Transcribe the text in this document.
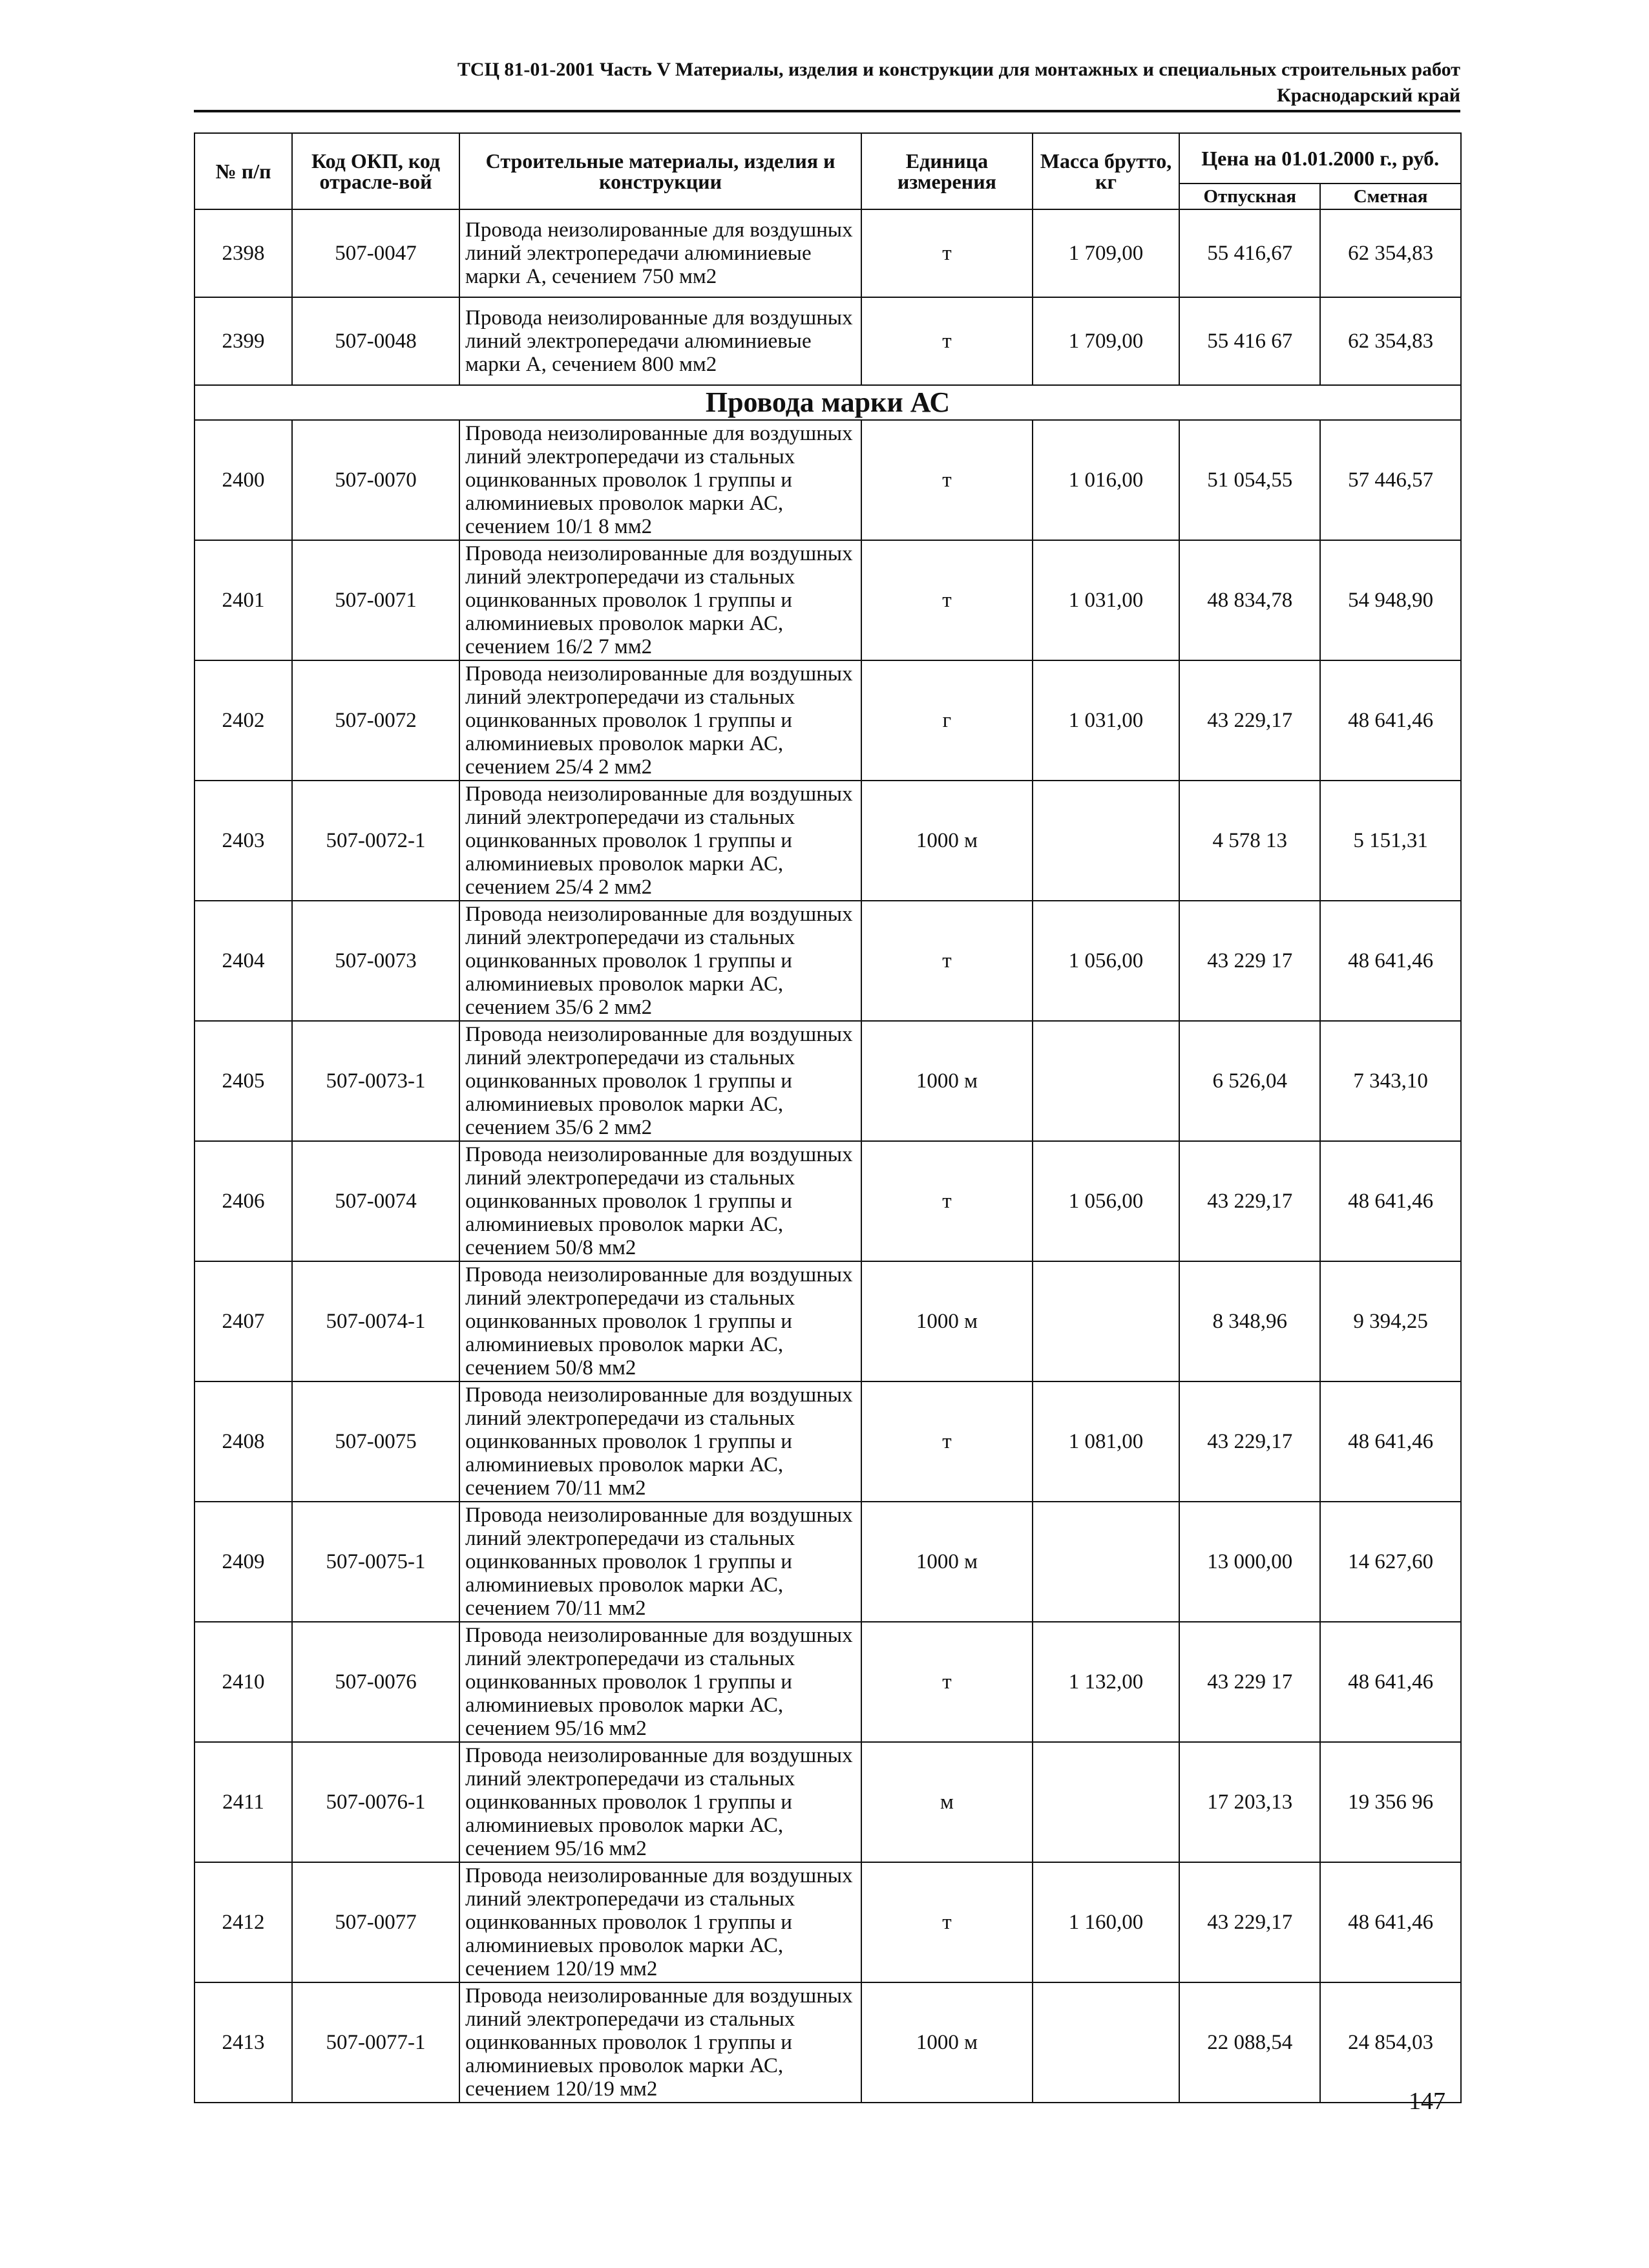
ТСЦ 81-01-2001 Часть V Материалы, изделия и конструкции для монтажных и специальных строительных работ
Краснодарский край
№ п/п	Код ОКП, код отрасле-вой	Строительные материалы, изделия и конструкции	Единица измерения	Масса брутто, кг	Цена на 01.01.2000 г., руб.	
					Отпускная	Сметная
2398	507-0047	Провода неизолированные для воздушных линий электропередачи алюминиевые марки А, сечением 750 мм2	т	1 709,00	55 416,67	62 354,83
2399	507-0048	Провода неизолированные для воздушных линий электропередачи алюминиевые марки А, сечением 800 мм2	т	1 709,00	55 416 67	62 354,83
Провода марки АС						
2400	507-0070	Провода неизолированные для воздушных линий электропередачи из стальных оцинкованных проволок 1 группы и алюминиевых проволок марки АС, сечением 10/1 8 мм2	т	1 016,00	51 054,55	57 446,57
2401	507-0071	Провода неизолированные для воздушных линий электропередачи из стальных оцинкованных проволок 1 группы и алюминиевых проволок марки АС, сечением 16/2 7 мм2	т	1 031,00	48 834,78	54 948,90
2402	507-0072	Провода неизолированные для воздушных линий электропередачи из стальных оцинкованных проволок 1 группы и алюминиевых проволок марки АС, сечением 25/4 2 мм2	г	1 031,00	43 229,17	48 641,46
2403	507-0072-1	Провода неизолированные для воздушных линий электропередачи из стальных оцинкованных проволок 1 группы и алюминиевых проволок марки АС, сечением 25/4 2 мм2	1000 м		4 578 13	5 151,31
2404	507-0073	Провода неизолированные для воздушных линий электропередачи из стальных оцинкованных проволок 1 группы и алюминиевых проволок марки АС, сечением 35/6 2 мм2	т	1 056,00	43 229 17	48 641,46
2405	507-0073-1	Провода неизолированные для воздушных линий электропередачи из стальных оцинкованных проволок 1 группы и алюминиевых проволок марки АС, сечением 35/6 2 мм2	1000 м		6 526,04	7 343,10
2406	507-0074	Провода неизолированные для воздушных линий электропередачи из стальных оцинкованных проволок 1 группы и алюминиевых проволок марки АС, сечением 50/8 мм2	т	1 056,00	43 229,17	48 641,46
2407	507-0074-1	Провода неизолированные для воздушных линий электропередачи из стальных оцинкованных проволок 1 группы и алюминиевых проволок марки АС, сечением 50/8 мм2	1000 м		8 348,96	9 394,25
2408	507-0075	Провода неизолированные для воздушных линий электропередачи из стальных оцинкованных проволок 1 группы и алюминиевых проволок марки АС, сечением 70/11 мм2	т	1 081,00	43 229,17	48 641,46
2409	507-0075-1	Провода неизолированные для воздушных линий электропередачи из стальных оцинкованных проволок 1 группы и алюминиевых проволок марки АС, сечением 70/11 мм2	1000 м		13 000,00	14 627,60
2410	507-0076	Провода неизолированные для воздушных линий электропередачи из стальных оцинкованных проволок 1 группы и алюминиевых проволок марки АС, сечением 95/16 мм2	т	1 132,00	43 229 17	48 641,46
2411	507-0076-1	Провода неизолированные для воздушных линий электропередачи из стальных оцинкованных проволок 1 группы и алюминиевых проволок марки АС, сечением 95/16 мм2	м		17 203,13	19 356 96
2412	507-0077	Провода неизолированные для воздушных линий электропередачи из стальных оцинкованных проволок 1 группы и алюминиевых проволок марки АС, сечением 120/19 мм2	т	1 160,00	43 229,17	48 641,46
2413	507-0077-1	Провода неизолированные для воздушных линий электропередачи из стальных оцинкованных проволок 1 группы и алюминиевых проволок марки АС, сечением 120/19 мм2	1000 м		22 088,54	24 854,03
147
